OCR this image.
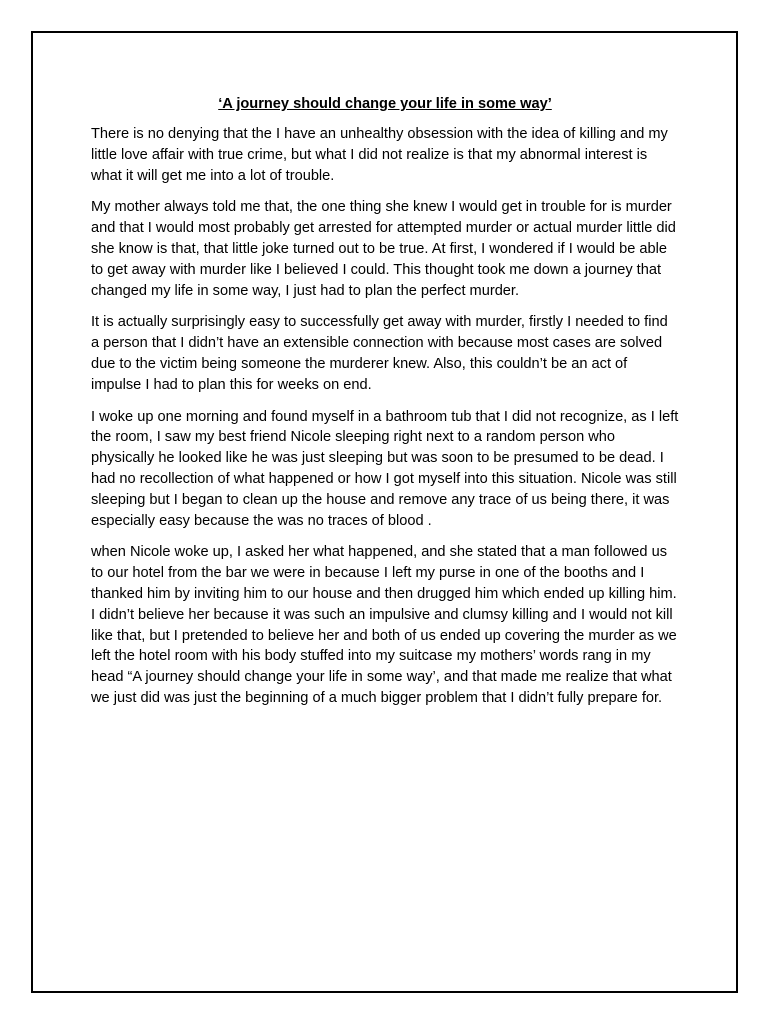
‘A journey should change your life in some way’

There is no denying that the I have an unhealthy obsession with the idea of killing and my little love affair with true crime, but what I did not realize is that my abnormal interest is what it will get me into a lot of trouble.

My mother always told me that, the one thing she knew I would get in trouble for is murder and that I would most probably get arrested for attempted murder or actual murder little did she know is that, that little joke turned out to be true. At first, I wondered if I would be able to get away with murder like I believed I could. This thought took me down a journey that changed my life in some way, I just had to plan the perfect murder.

It is actually surprisingly easy to successfully get away with murder, firstly I needed to find a person that I didn’t have an extensible connection with because most cases are solved due to the victim being someone the murderer knew. Also, this couldn’t be an act of impulse I had to plan this for weeks on end.

I woke up one morning and found myself in a bathroom tub that I did not recognize, as I left the room, I saw my best friend Nicole sleeping right next to a random person who physically he looked like he was just sleeping but was soon to be presumed to be dead. I had no recollection of what happened or how I got myself into this situation. Nicole was still sleeping but I began to clean up the house and remove any trace of us being there, it was especially easy because the was no traces of blood .

when Nicole woke up, I asked her what happened, and she stated that a man followed us to our hotel from the bar we were in because I left my purse in one of the booths and I thanked him by inviting him to our house and then drugged him which ended up killing him. I didn’t believe her because it was such an impulsive and clumsy killing and I would not kill like that, but I pretended to believe her and both of us ended up covering the murder as we left the hotel room with his body stuffed into my suitcase my mothers’ words rang in my head “A journey should change your life in some way’, and that made me realize that what we just did was just the beginning of a much bigger problem that I didn’t fully prepare for.
